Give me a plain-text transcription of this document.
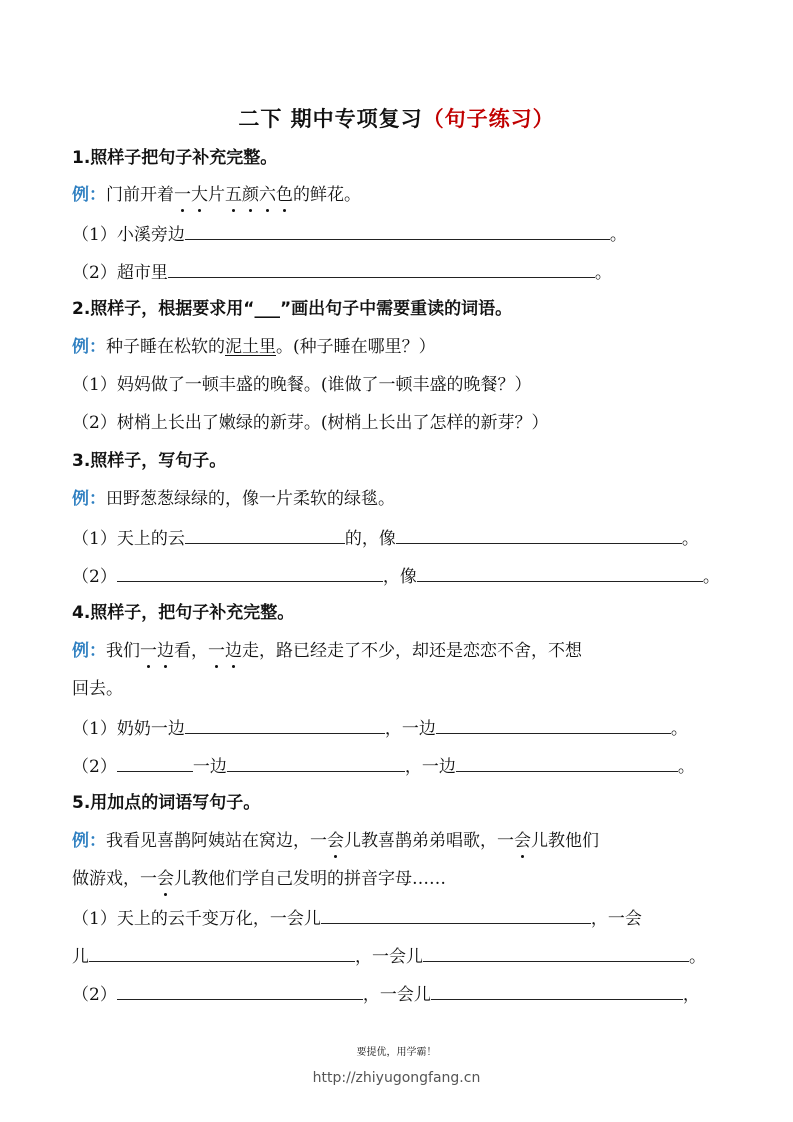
二下 期中专项复习（句子练习）
1.照样子把句子补充完整。
例：门前开着一大片五颜六色的鲜花。
（1）小溪旁边	。
（2）超市里	。
2.照样子，根据要求用“___”画出句子中需要重读的词语。
例：种子睡在松软的泥土里。(种子睡在哪里？）
（1）妈妈做了一顿丰盛的晚餐。(谁做了一顿丰盛的晚餐？）
（2）树梢上长出了嫩绿的新芽。(树梢上长出了怎样的新芽？）
3.照样子，写句子。
例：田野葱葱绿绿的，像一片柔软的绿毯。
（1）天上的云	的，像	。
（2）	，像	。
4.照样子，把句子补充完整。
例：我们一边看，一边走，路已经走了不少，却还是恋恋不舍，不想
回去。
（1）奶奶一边	，一边	。
（2）	一边	，一边	。
5.用加点的词语写句子。
例：我看见喜鹊阿姨站在窝边，一会儿教喜鹊弟弟唱歌，一会儿教他们
做游戏，一会儿教他们学自己发明的拼音字母……
（1）天上的云千变万化，一会儿	，一会
儿	，一会儿	。
（2）	，一会儿	，
要提优，用学霸！
http://zhiyugongfang.cn
